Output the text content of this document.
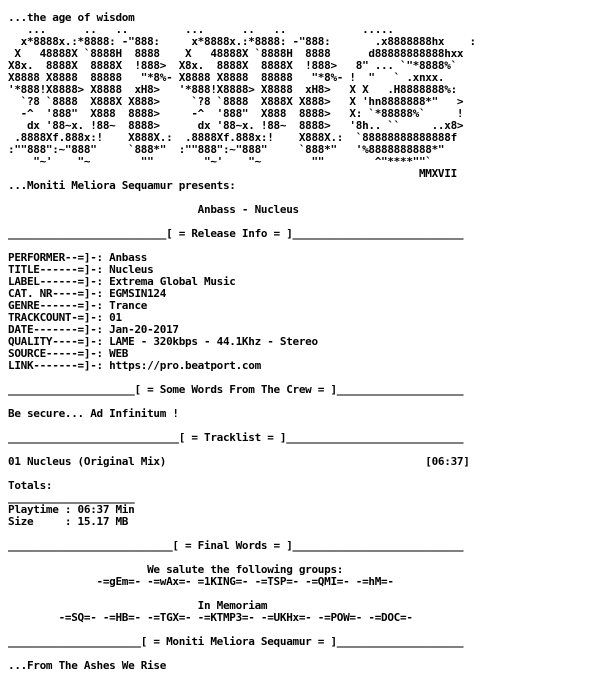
...the age of wisdom
...      ..   ..         ...      ..   ..            .....
x*8888x.:*8888: -"888:     x*8888x.:*8888: -"888:       .x8888888hx    :
X   48888X `8888H  8888    X   48888X `8888H  8888      d88888888888hxx
X8x.  8888X  8888X  !888>  X8x.  8888X  8888X  !888>   8" ... `"*8888%`
X8888 X8888  88888   "*8%- X8888 X8888  88888   "*8%- !  "   ` .xnxx.
'*888!X8888> X8888  xH8>   '*888!X8888> X8888  xH8>   X X   .H8888888%:
`?8 `8888  X888X X888>     `?8 `8888  X888X X888>   X 'hn8888888*"   >
-^  '888"  X888  8888>     -^  '888"  X888  8888>   X: `*88888%`     !
dx '88~x. !88~  8888>      dx '88~x. !88~  8888>   '8h.. ``     ..x8>
.8888Xf.888x:!    X888X.:  .8888Xf.888x:!    X888X.:  `88888888888888f
:""888":~"888"     `888*"  :""888":~"888"     `888*"   '%8888888888*"
"~'    "~        ""        "~'    "~        ""        ^"****""`
MMXVII
...Moniti Meliora Sequamur presents:

Anbass - Nucleus

_________________________[ = Release Info = ]___________________________

PERFORMER--=]-: Anbass
TITLE------=]-: Nucleus
LABEL------=]-: Extrema Global Music
CAT. NR----=]-: EGMSIN124
GENRE------=]-: Trance
TRACKCOUNT-=]-: 01
DATE-------=]-: Jan-20-2017
QUALITY----=]-: LAME - 320kbps - 44.1Khz - Stereo
SOURCE-----=]-: WEB
LINK-------=]-: https://pro.beatport.com

____________________[ = Some Words From The Crew = ]____________________

Be secure... Ad Infinitum !

___________________________[ = Tracklist = ]____________________________

01 Nucleus (Original Mix)                                         [06:37]

Totals:
____________________
Playtime : 06:37 Min
Size     : 15.17 MB

__________________________[ = Final Words = ]___________________________

We salute the following groups:
-=gEm=- -=wAx=- =1KING=- -=TSP=- -=QMI=- -=hM=-

In Memoriam
-=SQ=- -=HB=- -=TGX=- -=KTMP3=- -=UKHx=- -=POW=- -=DOC=-

_____________________[ = Moniti Meliora Sequamur = ]____________________

...From The Ashes We Rise
